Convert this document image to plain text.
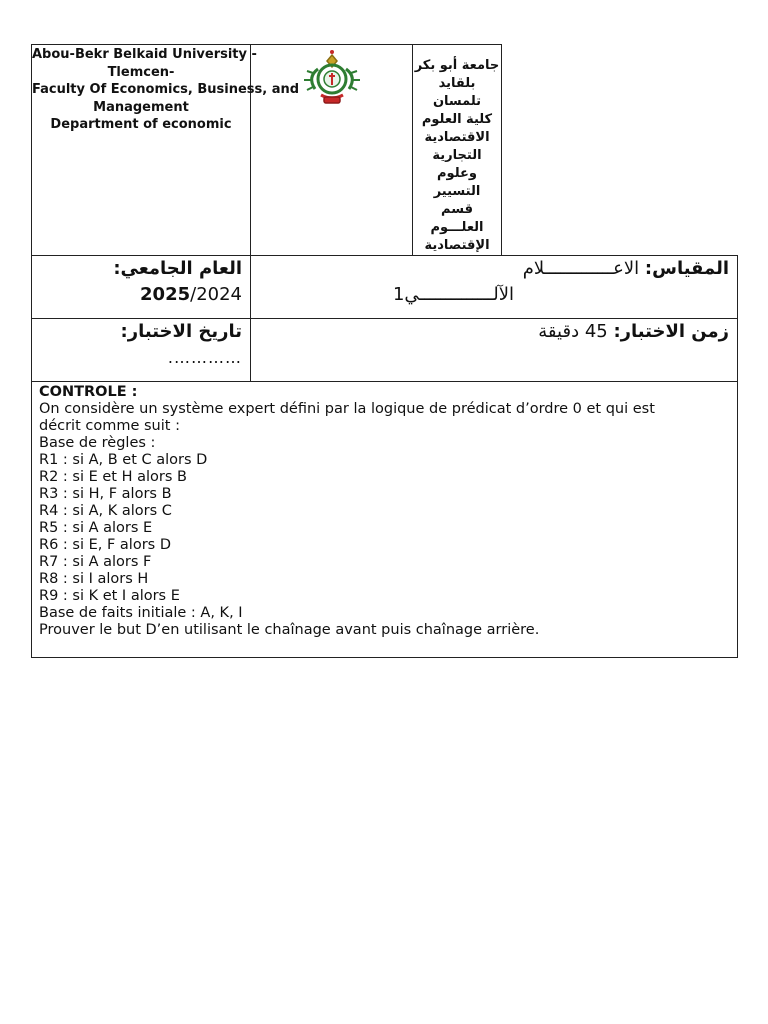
Abou-Bekr Belkaid University -
Tlemcen-
Faculty Of Economics, Business, and
Management
Department of economic

جامعة أبو بكر بلقايد تلمسان
كلية العلوم الاقتصادية التجارية
وعلوم التسيير
قسم العلـــوم الإقتصادية

العام الجامعي:
2025/2024

المقياس: الاعـــــــــــــلام
الآلــــــــــــــي1

تاريخ الاختبار:
………….

زمن الاختبار: 45 دقيقة

CONTROLE :
On considère un système expert défini par la logique de prédicat d’ordre 0 et qui est
décrit comme suit :
Base de règles :
R1 : si A, B et C alors D
R2 : si E et H alors B
R3 : si H, F alors B
R4 : si A, K alors C
R5 : si A alors E
R6 : si E, F alors D
R7 : si A alors F
R8 : si I alors H
R9 : si K et I alors E
Base de faits initiale : A, K, I
Prouver le but D’en utilisant le chaînage avant puis chaînage arrière.
